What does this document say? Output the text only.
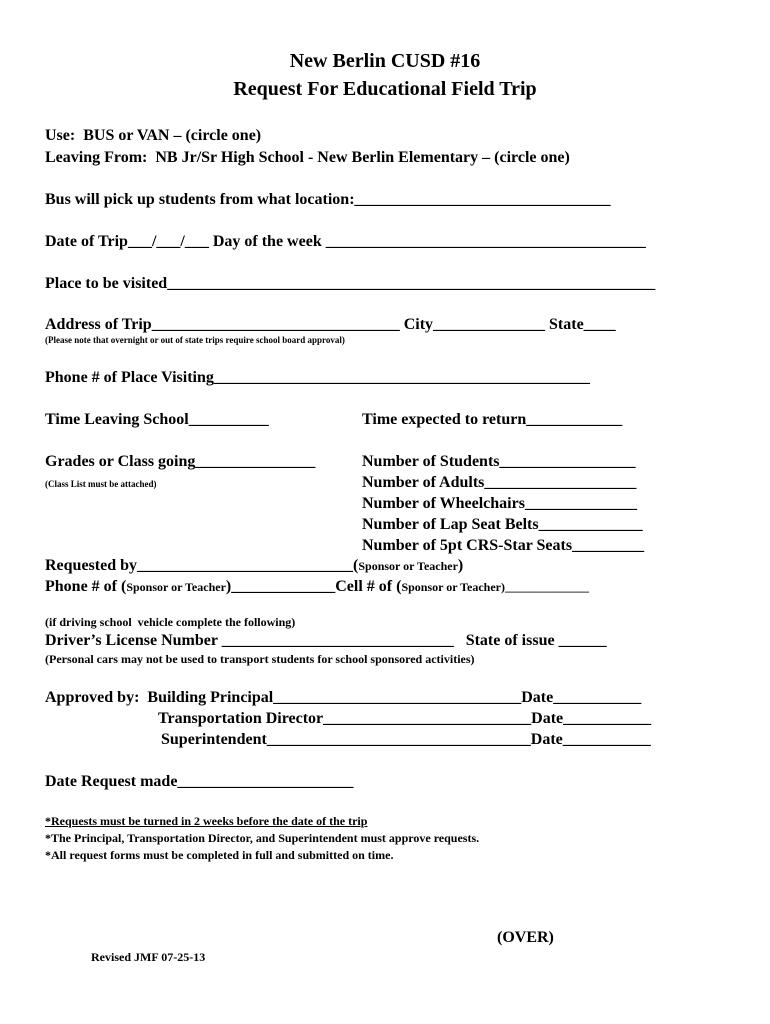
New Berlin CUSD #16
Request For Educational Field Trip
Use:  BUS or VAN – (circle one)
Leaving From:  NB Jr/Sr High School - New Berlin Elementary – (circle one)
Bus will pick up students from what location:________________________________
Date of Trip___/___/___ Day of the week ________________________________________
Place to be visited_____________________________________________________________
Address of Trip_______________________________ City______________ State____
(Please note that overnight or out of state trips require school board approval)
Phone # of Place Visiting_______________________________________________
Time Leaving School__________	Time expected to return____________
Grades or Class going_______________
(Class List must be attached)
Number of Students_________________
Number of Adults___________________
Number of Wheelchairs______________
Number of Lap Seat Belts_____________
Number of 5pt CRS-Star Seats_________
Requested by___________________________(Sponsor or Teacher)
Phone # of (Sponsor or Teacher)_____________Cell # of (Sponsor or Teacher)______________
(if driving school  vehicle complete the following)
Driver’s License Number _____________________________   State of issue ______
(Personal cars may not be used to transport students for school sponsored activities)
Approved by:  Building Principal_______________________________Date___________
Transportation Director__________________________Date___________
Superintendent_________________________________Date___________
Date Request made______________________
*Requests must be turned in 2 weeks before the date of the trip
*The Principal, Transportation Director, and Superintendent must approve requests.
*All request forms must be completed in full and submitted on time.
(OVER)
Revised JMF 07-25-13
